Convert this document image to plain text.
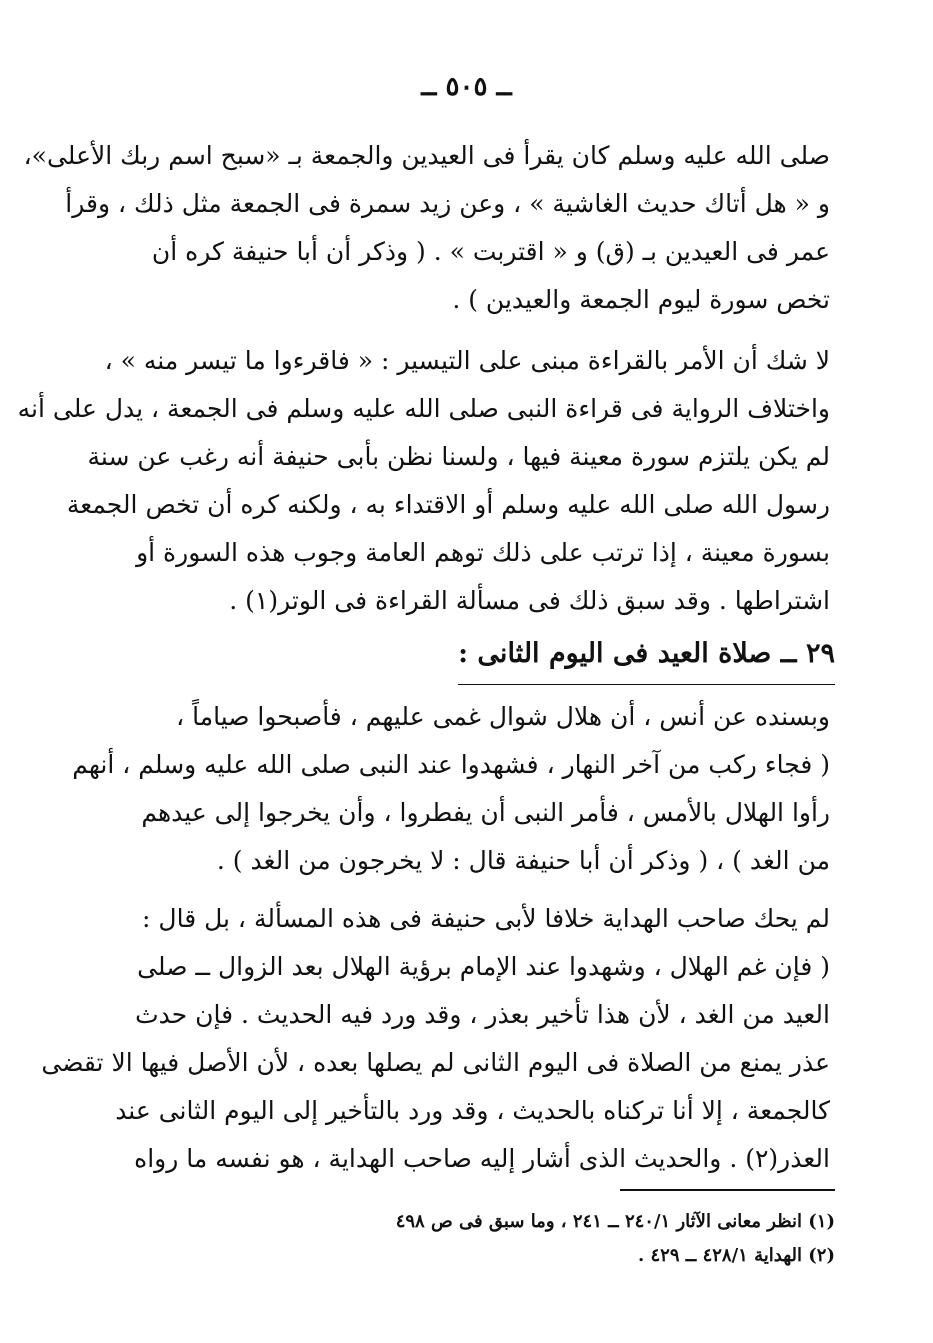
ــ ٥٠٥ ــ
صلى الله عليه وسلم كان يقرأ فى العيدين والجمعة بـ «سبح اسم ربك الأعلى»،
و « هل أتاك حديث الغاشية » ، وعن زيد سمرة فى الجمعة مثل ذلك ، وقرأ
عمر فى العيدين بـ (ق) و « اقتربت » . ( وذكر أن أبا حنيفة كره أن
تخص سورة ليوم الجمعة والعيدين ) .
لا شك أن الأمر بالقراءة مبنى على التيسير : « فاقرءوا ما تيسر منه » ،
واختلاف الرواية فى قراءة النبى صلى الله عليه وسلم فى الجمعة ، يدل على أنه
لم يكن يلتزم سورة معينة فيها ، ولسنا نظن بأبى حنيفة أنه رغب عن سنة
رسول الله صلى الله عليه وسلم أو الاقتداء به ، ولكنه كره أن تخص الجمعة
بسورة معينة ، إذا ترتب على ذلك توهم العامة وجوب هذه السورة أو
اشتراطها . وقد سبق ذلك فى مسألة القراءة فى الوتر(١) .
٢٩ ــ صلاة العيد فى اليوم الثانى :
وبسنده عن أنس ، أن هلال شوال غمى عليهم ، فأصبحوا صياماً ،
( فجاء ركب من آخر النهار ، فشهدوا عند النبى صلى الله عليه وسلم ، أنهم
رأوا الهلال بالأمس ، فأمر النبى أن يفطروا ، وأن يخرجوا إلى عيدهم
من الغد ) ، ( وذكر أن أبا حنيفة قال : لا يخرجون من الغد ) .
لم يحك صاحب الهداية خلافا لأبى حنيفة فى هذه المسألة ، بل قال :
( فإن غم الهلال ، وشهدوا عند الإمام برؤية الهلال بعد الزوال ــ صلى
العيد من الغد ، لأن هذا تأخير بعذر ، وقد ورد فيه الحديث . فإن حدث
عذر يمنع من الصلاة فى اليوم الثانى لم يصلها بعده ، لأن الأصل فيها الا تقضى
كالجمعة ، إلا أنا تركناه بالحديث ، وقد ورد بالتأخير إلى اليوم الثانى عند
العذر(٢) . والحديث الذى أشار إليه صاحب الهداية ، هو نفسه ما رواه
(١) انظر معانى الآثار ٢٤٠/١ ــ ٢٤١ ، وما سبق فى ص ٤٩٨
(٢) الهداية ٤٢٨/١ ــ ٤٢٩ .
